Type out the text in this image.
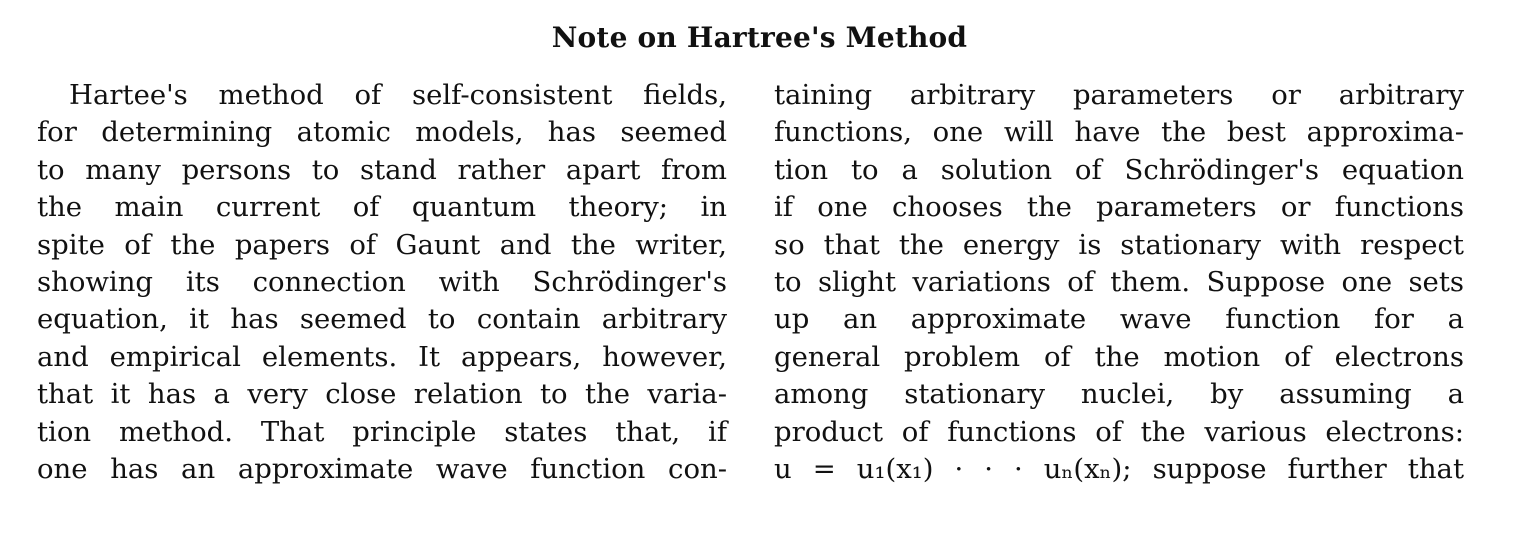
Note on Hartree's Method
Hartee's method of self-consistent fields,
for determining atomic models, has seemed
to many persons to stand rather apart from
the main current of quantum theory; in
spite of the papers of Gaunt and the writer,
showing its connection with Schrödinger's
equation, it has seemed to contain arbitrary
and empirical elements. It appears, however,
that it has a very close relation to the varia-
tion method. That principle states that, if
one has an approximate wave function con-
taining arbitrary parameters or arbitrary
functions, one will have the best approxima-
tion to a solution of Schrödinger's equation
if one chooses the parameters or functions
so that the energy is stationary with respect
to slight variations of them. Suppose one sets
up an approximate wave function for a
general problem of the motion of electrons
among stationary nuclei, by assuming a
product of functions of the various electrons:
u = u₁(x₁) · · · uₙ(xₙ); suppose further that
